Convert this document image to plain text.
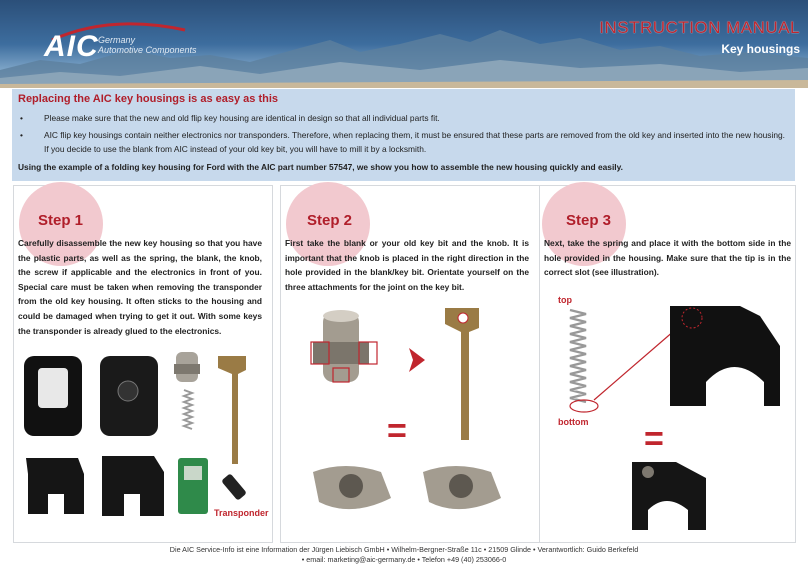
AIC Germany
Automotive Components
INSTRUCTION MANUAL
Key housings
Replacing the AIC key housings is as easy as this
• Please make sure that the new and old flip key housing are identical in design so that all individual parts fit.
• AIC flip key housings contain neither electronics nor transponders. Therefore, when replacing them, it must be ensured that these parts are removed from the old key and inserted into the new housing. If you decide to use the blank from AIC instead of your old key bit, you will have to mill it by a locksmith.
Using the example of a folding key housing for Ford with the AIC part number 57547, we show you how to assemble the new housing quickly and easily.
Step 1
Carefully disassemble the new key housing so that you have the plastic parts, as well as the spring, the blank, the knob, the screw if applicable and the electronics in front of you. Special care must be taken when removing the transponder from the old key housing. It often sticks to the housing and could be damaged when trying to get it out. With some keys the transponder is already glued to the electronics.
Transponder
Step 2
First take the blank or your old key bit and the knob. It is important that the knob is placed in the right direction in the hole provided in the blank/key bit. Orientate yourself on the three attachments for the joint on the key bit.
=
Step 3
Next, take the spring and place it with the bottom side in the hole provided in the housing. Make sure that the tip is in the correct slot (see illustration).
top
bottom =
Die AIC Service-Info ist eine Information der Jürgen Liebisch GmbH • Wilhelm-Bergner-Straße 11c • 21509 Glinde • Verantwortlich: Guido Berkefeld
• email: marketing@aic-germany.de • Telefon +49 (40) 253066-0
